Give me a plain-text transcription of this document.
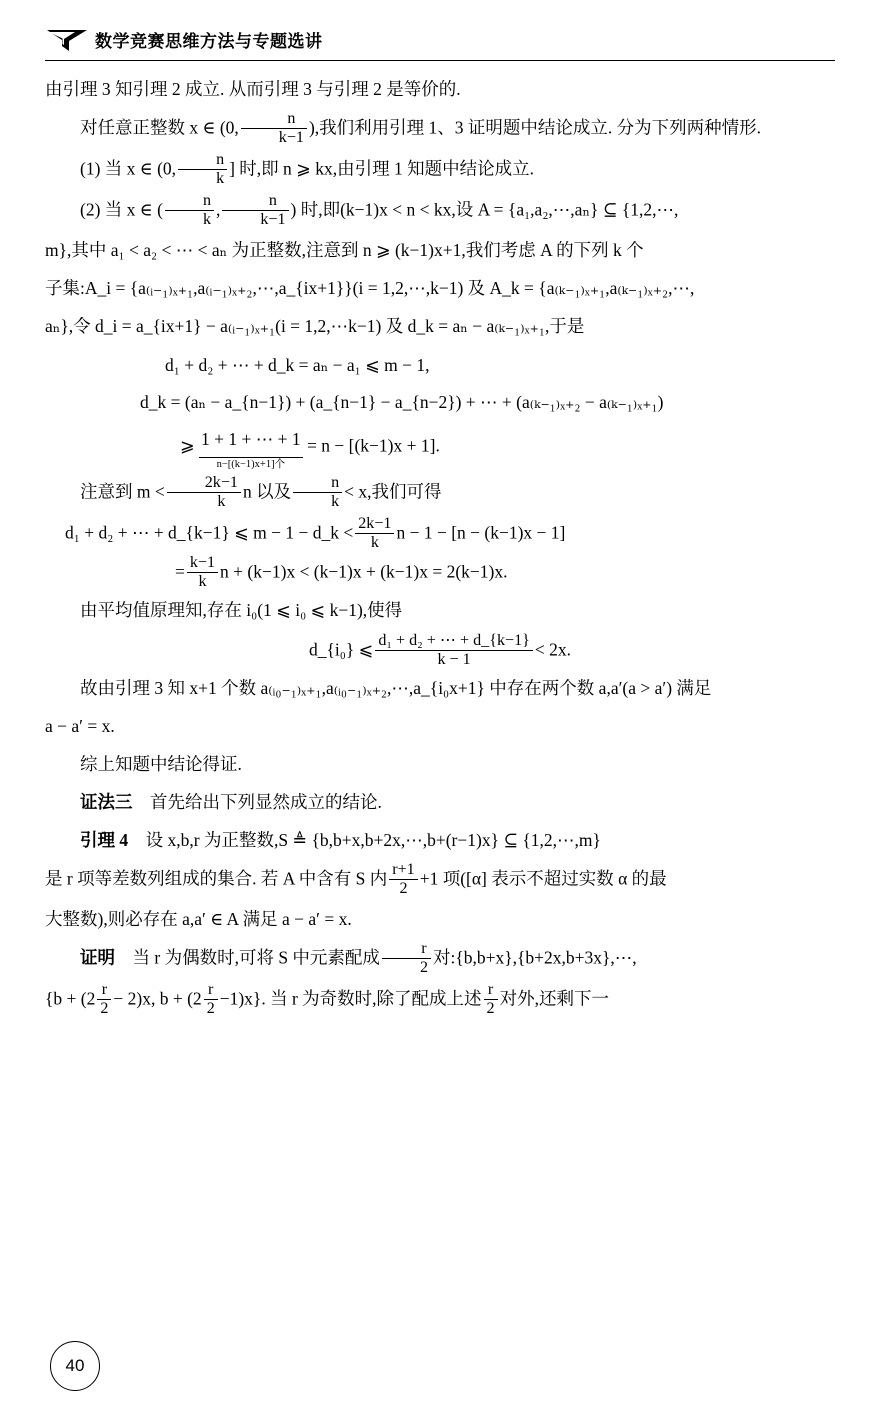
数学竞赛思维方法与专题选讲

由引理 3 知引理 2 成立. 从而引理 3 与引理 2 是等价的.

对任意正整数 x ∈ (0, $\frac{n}{k-1}$ ),我们利用引理 1、3 证明题中结论成立. 分为下列两种情形.

(1) 当 x ∈ (0, $\frac{n}{k}$ ] 时,即 n ⩾ kx,由引理 1 知题中结论成立.

(2) 当 x ∈ ( $\frac{n}{k}$ , $\frac{n}{k-1}$ ) 时,即(k−1)x < n < kx,设 A = {a₁,a₂,⋯,aₙ} ⊆ {1,2,⋯,

m},其中 a₁ < a₂ < ⋯ < aₙ 为正整数,注意到 n ⩾ (k−1)x+1,我们考虑 A 的下列 k 个

子集:A_i = {a₍ᵢ₋₁₎ₓ₊₁,a₍ᵢ₋₁₎ₓ₊₂,⋯,a_{ix+1}}(i = 1,2,⋯,k−1) 及 A_k = {a₍ₖ₋₁₎ₓ₊₁,a₍ₖ₋₁₎ₓ₊₂,⋯,

aₙ},令 d_i = a_{ix+1} − a₍ᵢ₋₁₎ₓ₊₁(i = 1,2,⋯k−1) 及 d_k = aₙ − a₍ₖ₋₁₎ₓ₊₁,于是

d₁ + d₂ + ⋯ + d_k = aₙ − a₁ ⩽ m − 1,
d_k = (aₙ − a_{n−1}) + (a_{n−1} − a_{n−2}) + ⋯ + (a₍ₖ₋₁₎ₓ₊₂ − a₍ₖ₋₁₎ₓ₊₁)
⩾ 1 + 1 + ⋯ + 1
n−[(k−1)x+1]个
= n − [(k−1)x + 1].

注意到 $m < \frac{2k-1}{k}$ n 以及 $\frac{n}{k} < x$,我们可得

d₁ + d₂ + ⋯ + d_{k−1} ⩽ m − 1 − d_k < $\frac{2k-1}{k}$ n − 1 − [n − (k−1)x − 1]
= $\frac{k-1}{k}$ n + (k−1)x < (k−1)x + (k−1)x = 2(k−1)x.

由平均值原理知,存在 i₀(1 ⩽ i₀ ⩽ k−1),使得

d_{i₀} ⩽ $\frac{\text{d₁ + d₂ + ⋯ + d\_\{k−1\}}}{k - 1} < 2x$.

故由引理 3 知 x+1 个数 a₍ᵢ₀₋₁₎ₓ₊₁,a₍ᵢ₀₋₁₎ₓ₊₂,⋯,a_{i₀x+1} 中存在两个数 a,a′(a > a′) 满足

a − a′ = x.

综上知题中结论得证.

证法三 首先给出下列显然成立的结论.

引理 4 设 x,b,r 为正整数,S ≜ {b,b+x,b+2x,⋯,b+(r−1)x} ⊆ {1,2,⋯,m}

是 r 项等差数列组成的集合. 若 A 中含有 S 内 $\frac{r+1}{2} +1$ 项([α] 表示不超过实数 α 的最

大整数),则必存在 a,a′ ∈ A 满足 a − a′ = x.

证明 当 r 为偶数时,可将 S 中元素配成 $\frac{r}{2}$ 对:{b,b+x},{b+2x,b+3x},⋯,

{$b + (2 \frac{r}{2} - 2)x$, $b + (2 \frac{r}{2} -1)x$}. 当 r 为奇数时,除了配成上述 $\frac{r}{2}$ 对外,还剩下一

40
